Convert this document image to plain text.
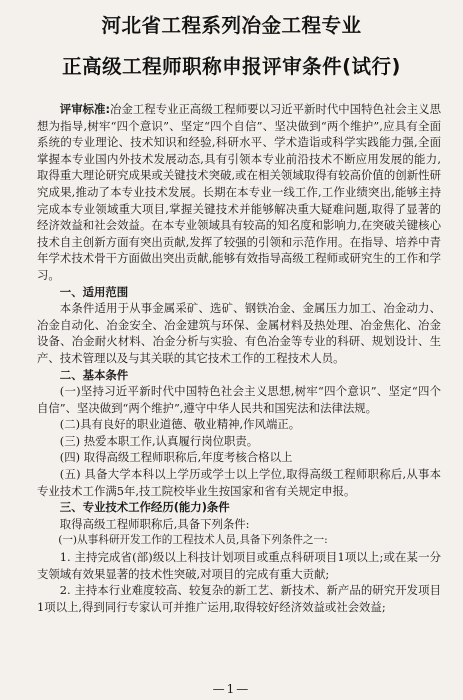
河北省工程系列冶金工程专业
正高级工程师职称申报评审条件(试行)

评审标准:冶金工程专业正高级工程师要以习近平新时代中国特色社会主义思想为指导,树牢“四个意识”、坚定“四个自信”、坚决做到“两个维护”,应具有全面系统的专业理论、技术知识和经验,科研水平、学术造诣或科学实践能力强,全面掌握本专业国内外技术发展动态,具有引领本专业前沿技术不断应用发展的能力,取得重大理论研究成果或关键技术突破,或在相关领域取得有较高价值的创新性研究成果,推动了本专业技术发展。长期在本专业一线工作,工作业绩突出,能够主持完成本专业领域重大项目,掌握关键技术并能够解决重大疑难问题,取得了显著的经济效益和社会效益。在本专业领域具有较高的知名度和影响力,在突破关键核心技术自主创新方面有突出贡献,发挥了较强的引领和示范作用。在指导、培养中青年学术技术骨干方面做出突出贡献,能够有效指导高级工程师或研究生的工作和学习。

一、适用范围

本条件适用于从事金属采矿、选矿、钢铁冶金、金属压力加工、冶金动力、冶金自动化、冶金安全、冶金建筑与环保、金属材料及热处理、冶金焦化、冶金设备、冶金耐火材料、冶金分析与实验、有色冶金等专业的科研、规划设计、生产、技术管理以及与其关联的其它技术工作的工程技术人员。

二、基本条件

(一)坚持习近平新时代中国特色社会主义思想,树牢“四个意识”、坚定“四个自信”、坚决做到“两个维护”,遵守中华人民共和国宪法和法律法规。

(二)具有良好的职业道德、敬业精神,作风端正。

(三) 热爱本职工作,认真履行岗位职责。

(四) 取得高级工程师职称后,年度考核合格以上

(五) 具备大学本科以上学历或学士以上学位,取得高级工程师职称后,从事本专业技术工作满5年,技工院校毕业生按国家和省有关规定申报。

三、专业技术工作经历(能力)条件

取得高级工程师职称后,具备下列条件:

(一)从事科研开发工作的工程技术人员,具备下列条件之一:

1. 主持完成省(部)级以上科技计划项目或重点科研项目1项以上;或在某一分支领域有效果显著的技术性突破,对项目的完成有重大贡献;

2. 主持本行业难度较高、较复杂的新工艺、新技术、新产品的研究开发项目1项以上,得到同行专家认可并推广运用,取得较好经济效益或社会效益;

—1—
